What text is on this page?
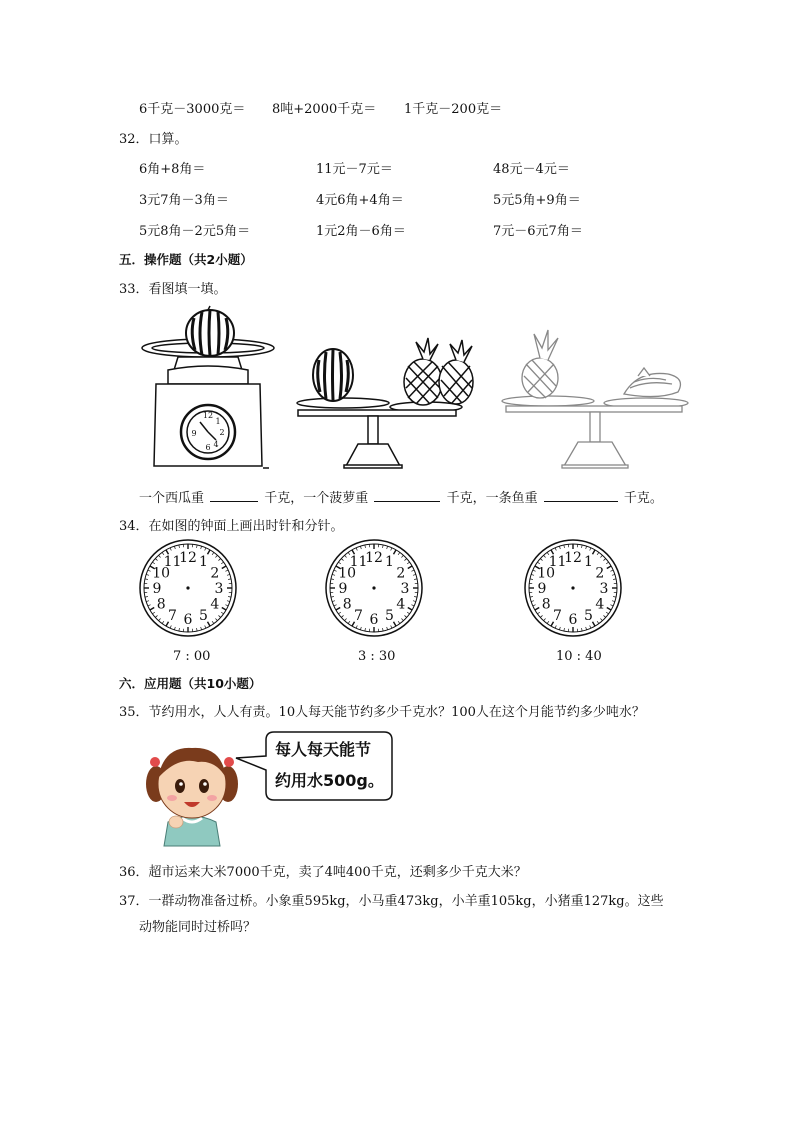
6千克－3000克＝ 8吨+2000千克＝ 1千克－200克＝
32．口算。
6角+8角＝	11元－7元＝	48元－4元＝
3元7角－3角＝	4元6角+4角＝	5元5角+9角＝
5元8角－2元5角＝	1元2角－6角＝	7元－6元7角＝
五．操作题（共2小题）
33．看图填一填。
12
1
2
4
6
9
一个西瓜重	千克，一个菠萝重	千克，一条鱼重	千克。
34．在如图的钟面上画出时针和分针。
12 1
2
3
4
5
6
7
8
9
10
11	12 1
2
3
4
5
6
7
8
9
10
11	12 1
2
3
4
5
6
7
8
9
10
11
7 : 00	3 : 30	10 : 40
六．应用题（共10小题）
35．节约用水，人人有责。10人每天能节约多少千克水？100人在这个月能节约多少吨水？
每人每天能节
约用水500g。
36．超市运来大米7000千克，卖了4吨400千克，还剩多少千克大米？
37．一群动物准备过桥。小象重595kg，小马重473kg，小羊重105kg，小猪重127kg。这些
动物能同时过桥吗？
